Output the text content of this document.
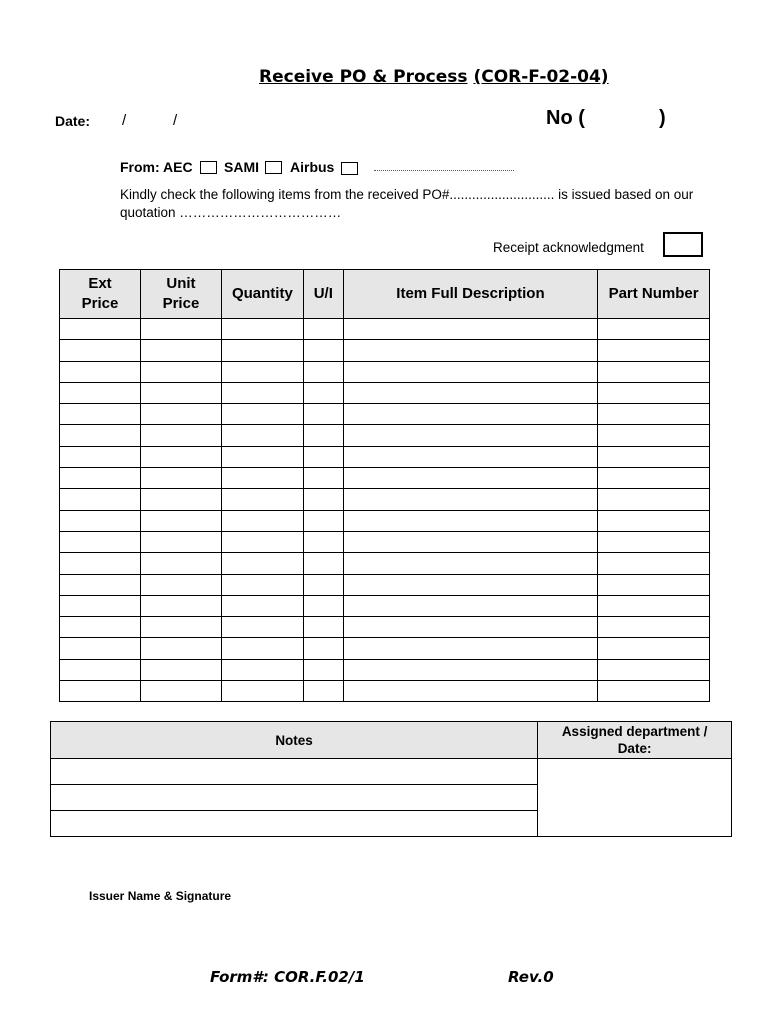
Receive PO & Process (COR-F-02-04)
Date: /	/	No (	)
From: AEC SAMI Airbus
Kindly check the following items from the received PO#............................ is issued based on our quotation ………………………………
Receipt acknowledgment
Ext Price	Unit Price	Quantity	U/I	Item Full Description	Part Number

Notes	Assigned department / Date:

Issuer Name & Signature
Form#: COR.F.02/1	Rev.0
